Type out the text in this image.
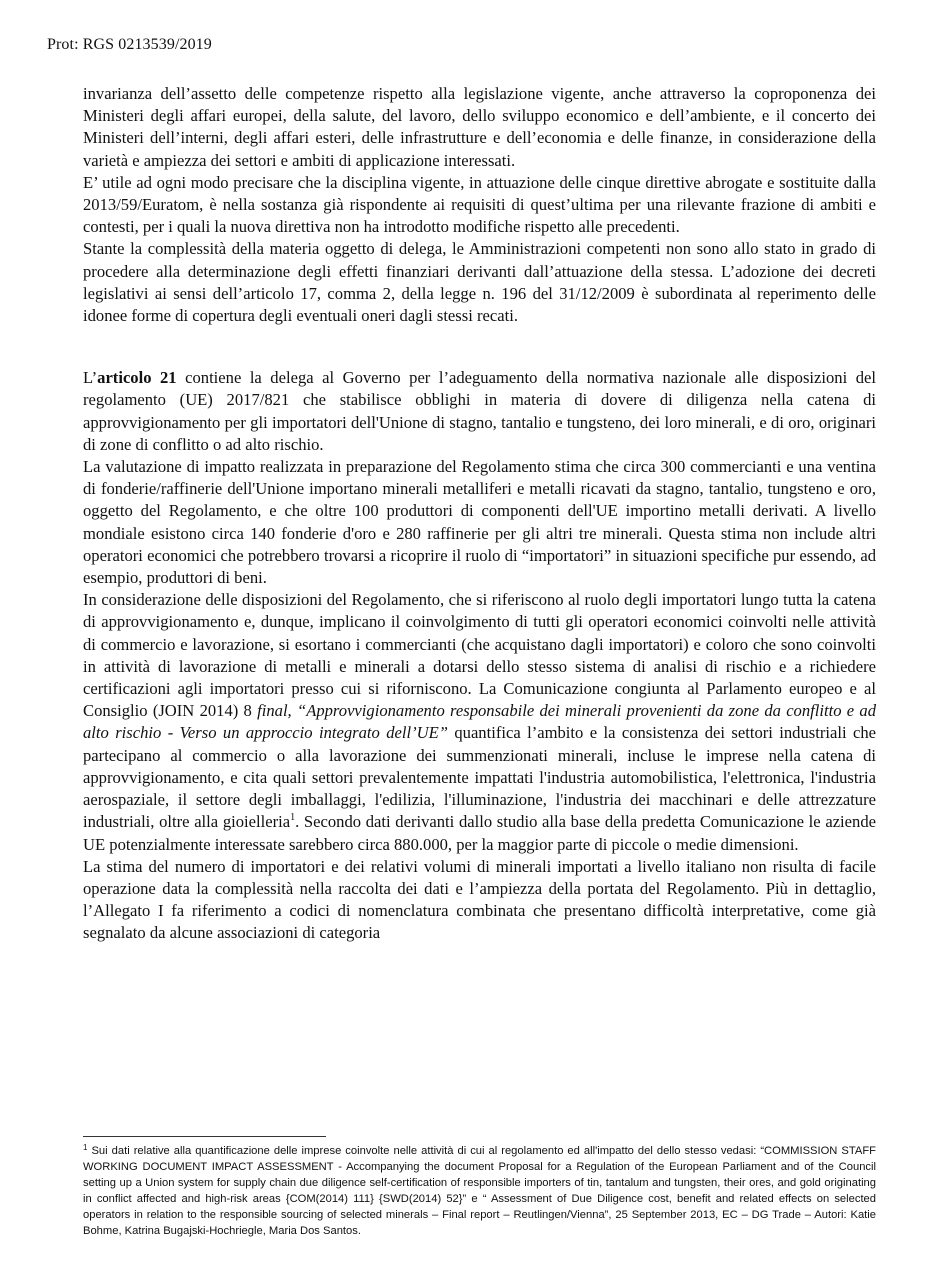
Prot: RGS 0213539/2019

invarianza dell’assetto delle competenze rispetto alla legislazione vigente, anche attraverso la coproponenza dei Ministeri degli affari europei, della salute, del lavoro, dello sviluppo economico e dell’ambiente, e il concerto dei Ministeri dell’interni, degli affari esteri, delle infrastrutture e dell’economia e delle finanze, in considerazione della varietà e ampiezza dei settori e ambiti di applicazione interessati.

E’ utile ad ogni modo precisare che la disciplina vigente, in attuazione delle cinque direttive abrogate e sostituite dalla 2013/59/Euratom, è nella sostanza già rispondente ai requisiti di quest’ultima per una rilevante frazione di ambiti e contesti, per i quali la nuova direttiva non ha introdotto modifiche rispetto alle precedenti.

Stante la complessità della materia oggetto di delega, le Amministrazioni competenti non sono allo stato in grado di procedere alla determinazione degli effetti finanziari derivanti dall’attuazione della stessa. L’adozione dei decreti legislativi ai sensi dell’articolo 17, comma 2, della legge n. 196 del 31/12/2009 è subordinata al reperimento delle idonee forme di copertura degli eventuali oneri dagli stessi recati.

L’articolo 21 contiene la delega al Governo per l’adeguamento della normativa nazionale alle disposizioni del regolamento (UE) 2017/821 che stabilisce obblighi in materia di dovere di diligenza nella catena di approvvigionamento per gli importatori dell'Unione di stagno, tantalio e tungsteno, dei loro minerali, e di oro, originari di zone di conflitto o ad alto rischio.

La valutazione di impatto realizzata in preparazione del Regolamento stima che circa 300 commercianti e una ventina di fonderie/raffinerie dell'Unione importano minerali metalliferi e metalli ricavati da stagno, tantalio, tungsteno e oro, oggetto del Regolamento, e che oltre 100 produttori di componenti dell'UE importino metalli derivati. A livello mondiale esistono circa 140 fonderie d'oro e 280 raffinerie per gli altri tre minerali. Questa stima non include altri operatori economici che potrebbero trovarsi a ricoprire il ruolo di “importatori” in situazioni specifiche pur essendo, ad esempio, produttori di beni.

In considerazione delle disposizioni del Regolamento, che si riferiscono al ruolo degli importatori lungo tutta la catena di approvvigionamento e, dunque, implicano il coinvolgimento di tutti gli operatori economici coinvolti nelle attività di commercio e lavorazione, si esortano i commercianti (che acquistano dagli importatori) e coloro che sono coinvolti in attività di lavorazione di metalli e minerali a dotarsi dello stesso sistema di analisi di rischio e a richiedere certificazioni agli importatori presso cui si riforniscono. La Comunicazione congiunta al Parlamento europeo e al Consiglio (JOIN 2014) 8 final, “Approvvigionamento responsabile dei minerali provenienti da zone da conflitto e ad alto rischio - Verso un approccio integrato dell’UE” quantifica l’ambito e la consistenza dei settori industriali che partecipano al commercio o alla lavorazione dei summenzionati minerali, incluse le imprese nella catena di approvvigionamento, e cita quali settori prevalentemente impattati l'industria automobilistica, l'elettronica, l'industria aerospaziale, il settore degli imballaggi, l'edilizia, l'illuminazione, l'industria dei macchinari e delle attrezzature industriali, oltre alla gioielleria$^1$. Secondo dati derivanti dallo studio alla base della predetta Comunicazione le aziende UE potenzialmente interessate sarebbero circa 880.000, per la maggior parte di piccole o medie dimensioni.

La stima del numero di importatori e dei relativi volumi di minerali importati a livello italiano non risulta di facile operazione data la complessità nella raccolta dei dati e l’ampiezza della portata del Regolamento. Più in dettaglio, l’Allegato I fa riferimento a codici di nomenclatura combinata che presentano difficoltà interpretative, come già segnalato da alcune associazioni di categoria

$^1$ Sui dati relative alla quantificazione delle imprese coinvolte nelle attività di cui al regolamento ed all'impatto del dello stesso vedasi: “COMMISSION STAFF WORKING DOCUMENT IMPACT ASSESSMENT - Accompanying the document Proposal for a Regulation of the European Parliament and of the Council setting up a Union system for supply chain due diligence self-certification of responsible importers of tin, tantalum and tungsten, their ores, and gold originating in conflict affected and high-risk areas {COM(2014) 111} {SWD(2014) 52}” e “ Assessment of Due Diligence cost, benefit and related effects on selected operators in relation to the responsible sourcing of selected minerals – Final report – Reutlingen/Vienna”, 25 September 2013, EC – DG Trade – Autori: Katie Bohme, Katrina Bugajski-Hochriegle, Maria Dos Santos.
